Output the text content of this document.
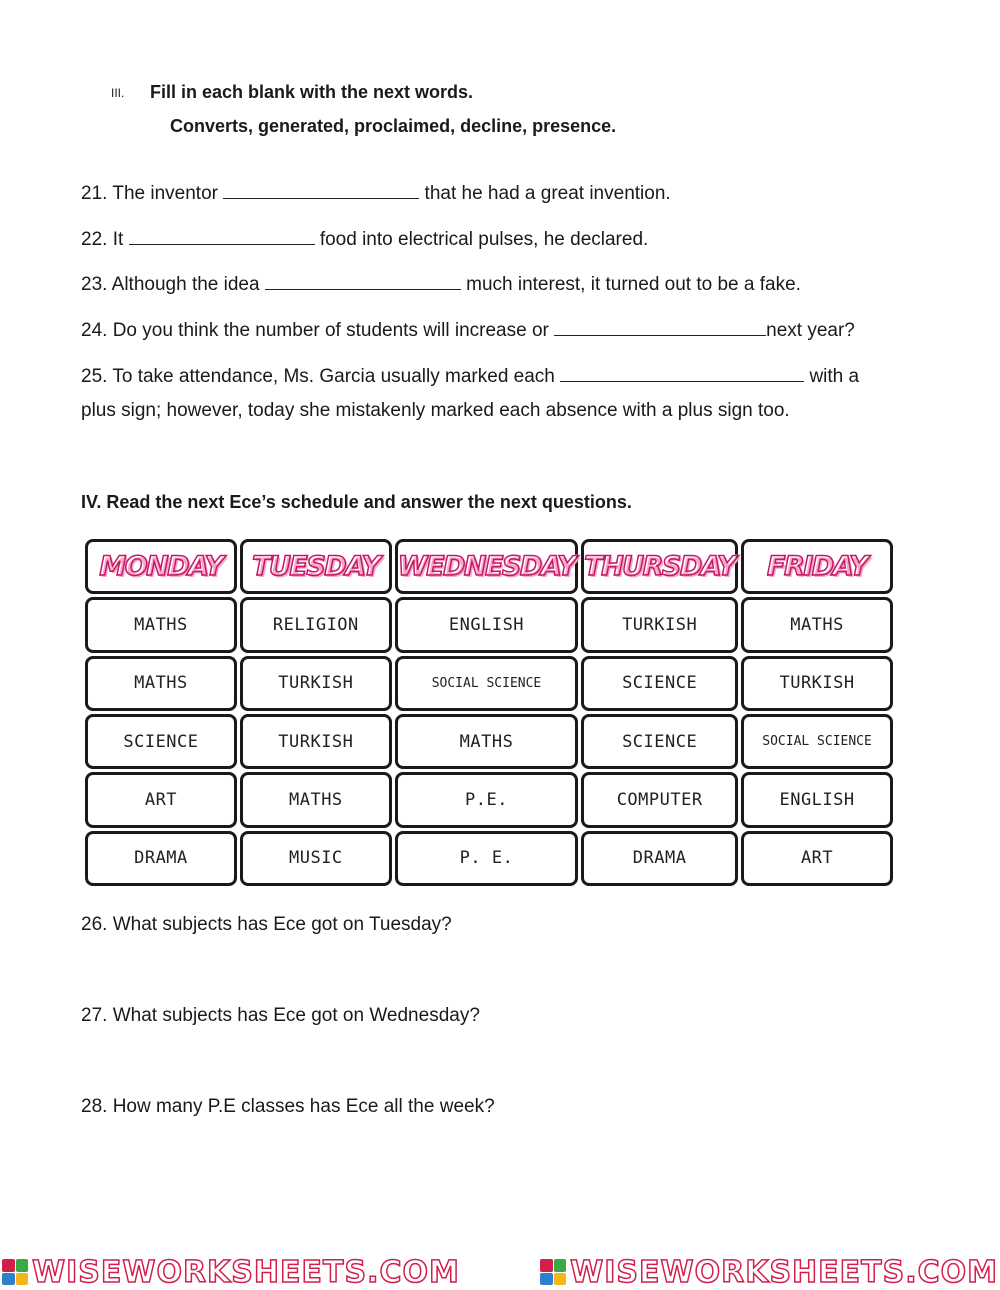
III. Fill in each blank with the next words.
Converts, generated, proclaimed, decline, presence.
21. The inventor	that he had a great invention.
22. It	food into electrical pulses, he declared.
23. Although the idea	much interest, it turned out to be a fake.
24. Do you think the number of students will increase or	next year?
25. To take attendance, Ms. Garcia usually marked each	with a
plus sign; however, today she mistakenly marked each absence with a plus sign too.
IV. Read the next Ece’s schedule and answer the next questions.
MONDAY TUESDAY WEDNESDAY THURSDAY FRIDAY
MATHS	RELIGION	ENGLISH	TURKISH	MATHS
MATHS	TURKISH	SOCIAL SCIENCE	SCIENCE	TURKISH
SCIENCE	TURKISH	MATHS	SCIENCE	SOCIAL SCIENCE
ART	MATHS	P.E.	COMPUTER	ENGLISH
DRAMA	MUSIC	P. E.	DRAMA	ART
26. What subjects has Ece got on Tuesday?
27. What subjects has Ece got on Wednesday?
28. How many P.E classes has Ece all the week?
WISEWORKSHEETS.COM	WISEWORKSHEETS.COM
